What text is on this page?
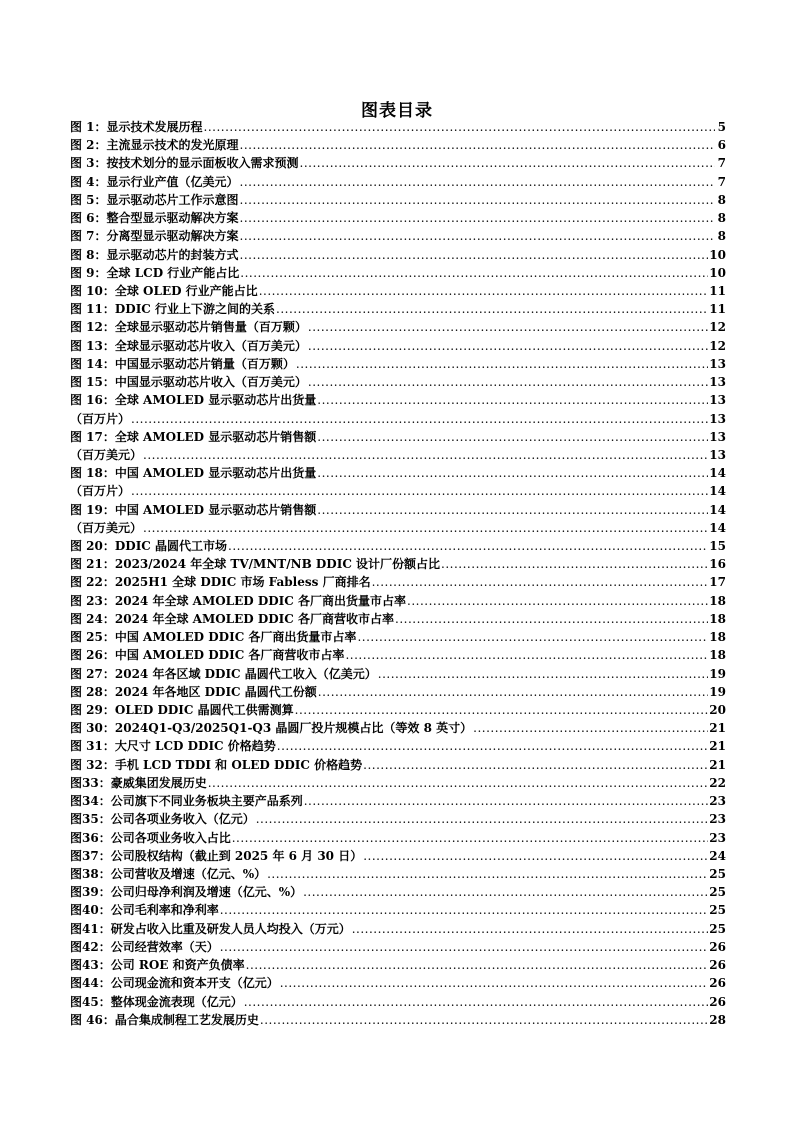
图表目录
图 1：显示技术发展历程 .....	5
图 2：主流显示技术的发光原理 .....	6
图 3：按技术划分的显示面板收入需求预测 .....	7
图 4：显示行业产值（亿美元） .....	7
图 5：显示驱动芯片工作示意图 .....	8
图 6：整合型显示驱动解决方案 .....	8
图 7：分离型显示驱动解决方案 .....	8
图 8：显示驱动芯片的封装方式 .....	10
图 9：全球 LCD 行业产能占比 .....	10
图 10：全球 OLED 行业产能占比 .....	11
图 11：DDIC 行业上下游之间的关系 .....	11
图 12：全球显示驱动芯片销售量（百万颗） .....	12
图 13：全球显示驱动芯片收入（百万美元） .....	12
图 14：中国显示驱动芯片销量（百万颗） .....	13
图 15：中国显示驱动芯片收入（百万美元） .....	13
图 16：全球 AMOLED 显示驱动芯片出货量 .....	13
（百万片） .....	13
图 17：全球 AMOLED 显示驱动芯片销售额 .....	13
（百万美元） .....	13
图 18：中国 AMOLED 显示驱动芯片出货量 .....	14
（百万片） .....	14
图 19：中国 AMOLED 显示驱动芯片销售额 .....	14
（百万美元） .....	14
图 20：DDIC 晶圆代工市场 .....	15
图 21：2023/2024 年全球 TV/MNT/NB DDIC 设计厂份额占比 .....	16
图 22：2025H1 全球 DDIC 市场 Fabless 厂商排名 .....	17
图 23：2024 年全球 AMOLED DDIC 各厂商出货量市占率 .....	18
图 24：2024 年全球 AMOLED DDIC 各厂商营收市占率 .....	18
图 25：中国 AMOLED DDIC 各厂商出货量市占率 .....	18
图 26：中国 AMOLED DDIC 各厂商营收市占率 .....	18
图 27：2024 年各区域 DDIC 晶圆代工收入（亿美元） .....	19
图 28：2024 年各地区 DDIC 晶圆代工份额 .....	19
图 29：OLED DDIC 晶圆代工供需测算 .....	20
图 30：2024Q1-Q3/2025Q1-Q3 晶圆厂投片规模占比（等效 8 英寸） .....	21
图 31：大尺寸 LCD DDIC 价格趋势 .....	21
图 32：手机 LCD TDDI 和 OLED DDIC 价格趋势 .....	21
图33：豪威集团发展历史 .....	22
图34：公司旗下不同业务板块主要产品系列 .....	23
图35：公司各项业务收入（亿元） .....	23
图36：公司各项业务收入占比 .....	23
图37：公司股权结构（截止到 2025 年 6 月 30 日） .....	24
图38：公司营收及增速（亿元、%） .....	25
图39：公司归母净利润及增速（亿元、%） .....	25
图40：公司毛利率和净利率 .....	25
图41：研发占收入比重及研发人员人均投入（万元） .....	25
图42：公司经营效率（天） .....	26
图43：公司 ROE 和资产负债率 .....	26
图44：公司现金流和资本开支（亿元） .....	26
图45：整体现金流表现（亿元） .....	26
图 46：晶合集成制程工艺发展历史 .....	28
